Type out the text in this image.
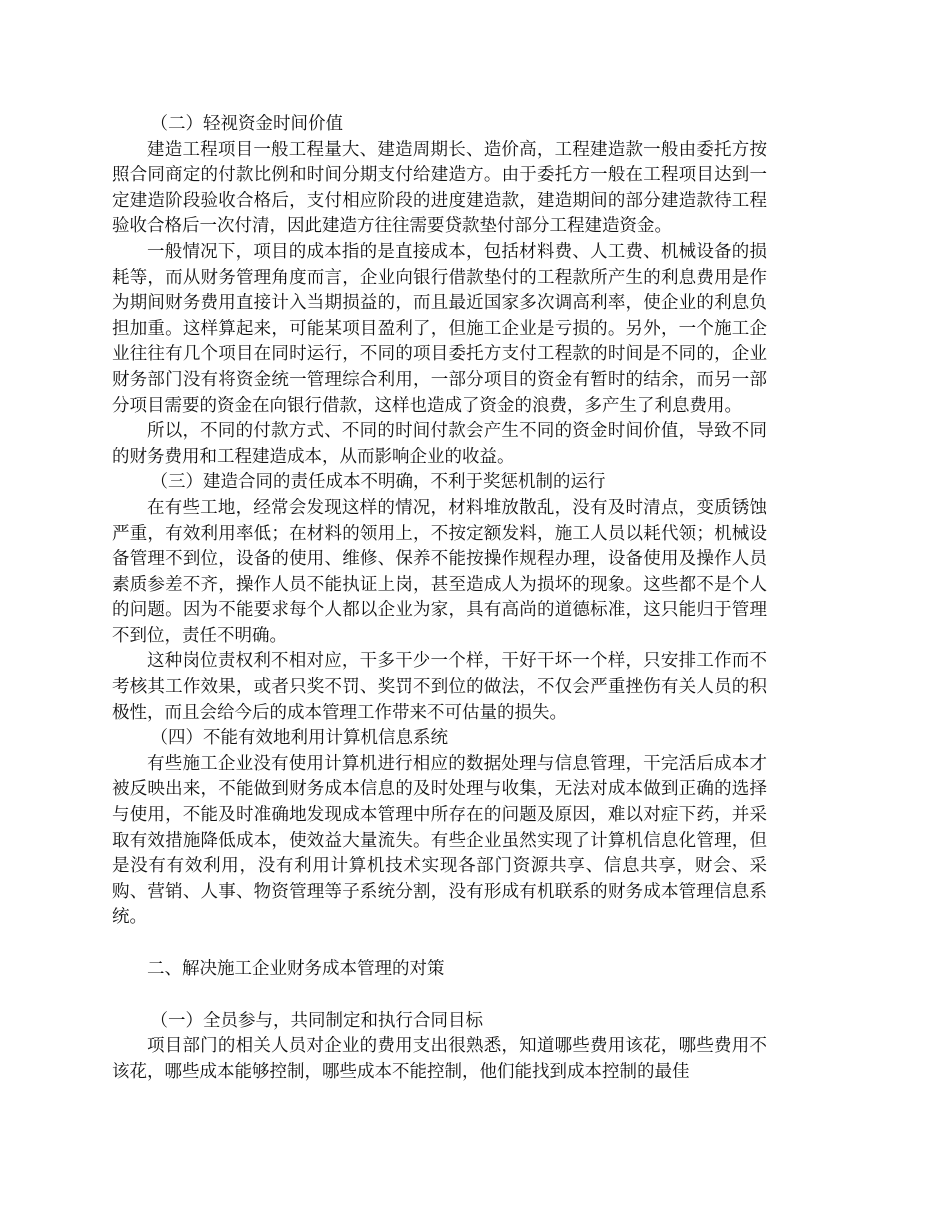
（二）轻视资金时间价值

建造工程项目一般工程量大、建造周期长、造价高，工程建造款一般由委托方按照合同商定的付款比例和时间分期支付给建造方。由于委托方一般在工程项目达到一定建造阶段验收合格后，支付相应阶段的进度建造款，建造期间的部分建造款待工程验收合格后一次付清，因此建造方往往需要贷款垫付部分工程建造资金。

一般情况下，项目的成本指的是直接成本，包括材料费、人工费、机械设备的损耗等，而从财务管理角度而言，企业向银行借款垫付的工程款所产生的利息费用是作为期间财务费用直接计入当期损益的，而且最近国家多次调高利率，使企业的利息负担加重。这样算起来，可能某项目盈利了，但施工企业是亏损的。另外，一个施工企业往往有几个项目在同时运行，不同的项目委托方支付工程款的时间是不同的，企业财务部门没有将资金统一管理综合利用，一部分项目的资金有暂时的结余，而另一部分项目需要的资金在向银行借款，这样也造成了资金的浪费，多产生了利息费用。

所以，不同的付款方式、不同的时间付款会产生不同的资金时间价值，导致不同的财务费用和工程建造成本，从而影响企业的收益。

（三）建造合同的责任成本不明确，不利于奖惩机制的运行

在有些工地，经常会发现这样的情况，材料堆放散乱，没有及时清点，变质锈蚀严重，有效利用率低；在材料的领用上，不按定额发料，施工人员以耗代领；机械设备管理不到位，设备的使用、维修、保养不能按操作规程办理，设备使用及操作人员素质参差不齐，操作人员不能执证上岗，甚至造成人为损坏的现象。这些都不是个人的问题。因为不能要求每个人都以企业为家，具有高尚的道德标准，这只能归于管理不到位，责任不明确。

这种岗位责权利不相对应，干多干少一个样，干好干坏一个样，只安排工作而不考核其工作效果，或者只奖不罚、奖罚不到位的做法，不仅会严重挫伤有关人员的积极性，而且会给今后的成本管理工作带来不可估量的损失。

（四）不能有效地利用计算机信息系统

有些施工企业没有使用计算机进行相应的数据处理与信息管理，干完活后成本才被反映出来，不能做到财务成本信息的及时处理与收集，无法对成本做到正确的选择与使用，不能及时准确地发现成本管理中所存在的问题及原因，难以对症下药，并采取有效措施降低成本，使效益大量流失。有些企业虽然实现了计算机信息化管理，但是没有有效利用，没有利用计算机技术实现各部门资源共享、信息共享，财会、采购、营销、人事、物资管理等子系统分割，没有形成有机联系的财务成本管理信息系统。

二、解决施工企业财务成本管理的对策

（一）全员参与，共同制定和执行合同目标

项目部门的相关人员对企业的费用支出很熟悉，知道哪些费用该花，哪些费用不该花，哪些成本能够控制，哪些成本不能控制，他们能找到成本控制的最佳
